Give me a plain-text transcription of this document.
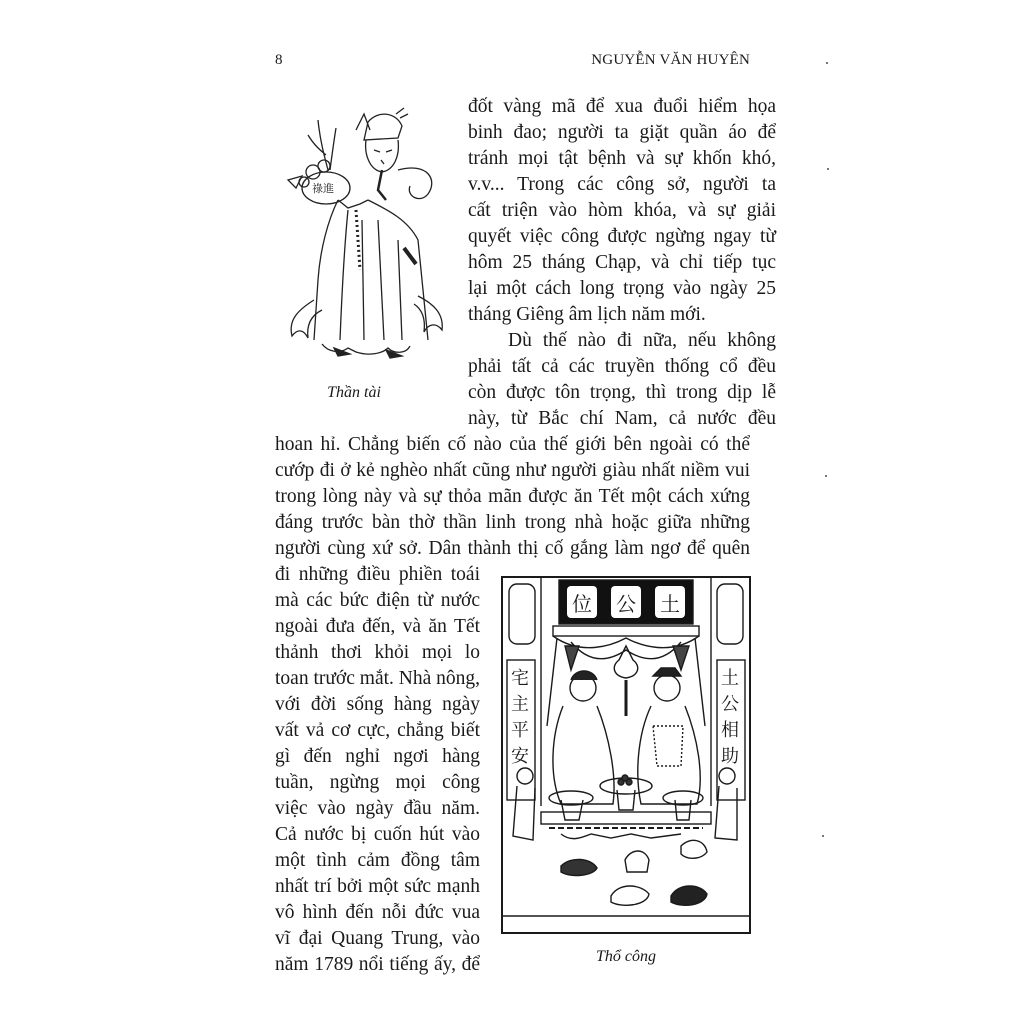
8	NGUYỄN VĂN HUYÊN
祿進
Thần tài
đốt vàng mã để xua đuổi hiểm họa
binh đao; người ta giặt quần áo để
tránh mọi tật bệnh và sự khốn khó,
v.v... Trong các công sở, người ta
cất triện vào hòm khóa, và sự giải
quyết việc công được ngừng ngay từ
hôm 25 tháng Chạp, và chỉ tiếp tục
lại một cách long trọng vào ngày 25
tháng Giêng âm lịch năm mới.
Dù thế nào đi nữa, nếu không
phải tất cả các truyền thống cổ đều
còn được tôn trọng, thì trong dịp lễ
này, từ Bắc chí Nam, cả nước đều
hoan hỉ. Chẳng biến cố nào của thế giới bên ngoài có thể
cướp đi ở kẻ nghèo nhất cũng như người giàu nhất niềm vui
trong lòng này và sự thỏa mãn được ăn Tết một cách xứng
đáng trước bàn thờ thần linh trong nhà hoặc giữa những
người cùng xứ sở. Dân thành thị cố gắng làm ngơ để quên
đi những điều phiền toái
mà các bức điện từ nước
ngoài đưa đến, và ăn Tết
thảnh thơi khỏi mọi lo
toan trước mắt. Nhà nông,
với đời sống hàng ngày
vất vả cơ cực, chẳng biết
gì đến nghỉ ngơi hàng
tuần, ngừng mọi công
việc vào ngày đầu năm.
Cả nước bị cuốn hút vào
một tình cảm đồng tâm
nhất trí bởi một sức mạnh
vô hình đến nỗi đức vua
vĩ đại Quang Trung, vào
năm 1789 nổi tiếng ấy, để
位 公 土
宅主平安
土公相助
Thổ công
